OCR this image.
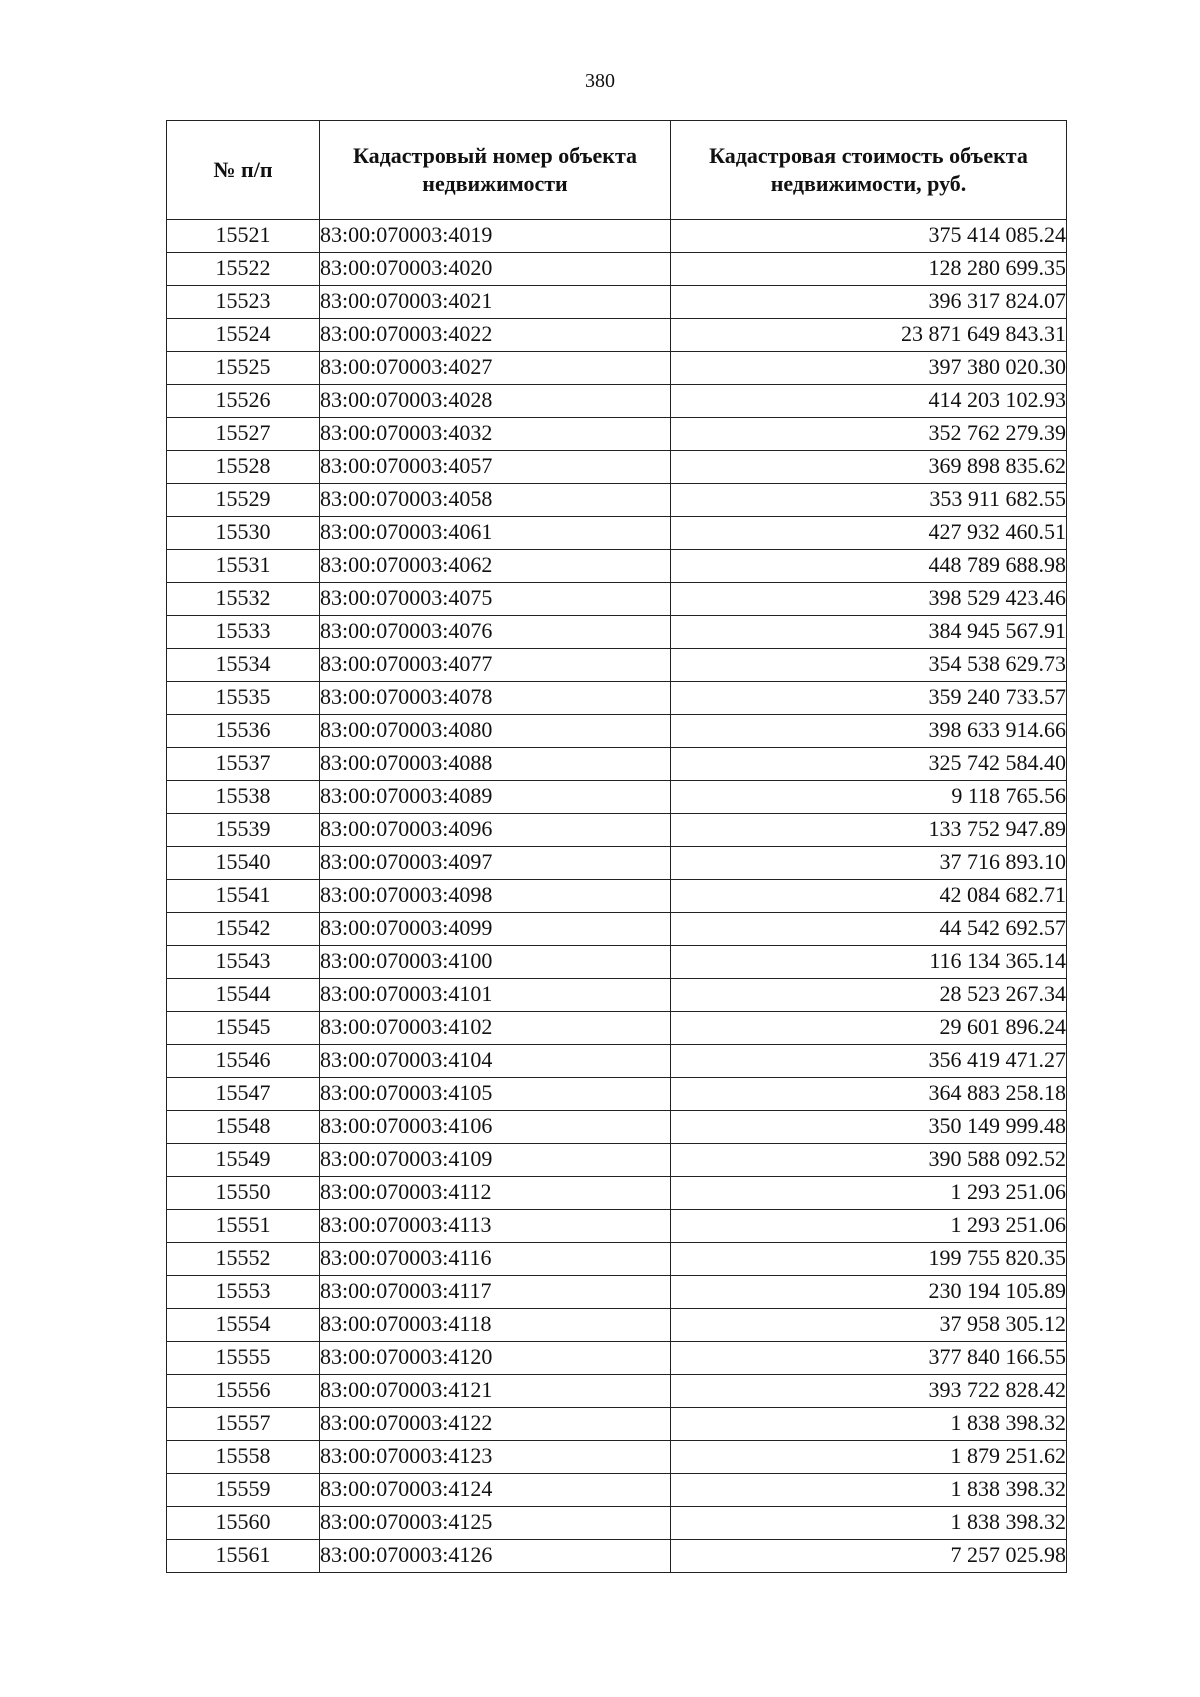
380
№ п/п	Кадастровый номер объекта недвижимости	Кадастровая стоимость объекта недвижимости, руб.
15521	83:00:070003:4019	375 414 085.24
15522	83:00:070003:4020	128 280 699.35
15523	83:00:070003:4021	396 317 824.07
15524	83:00:070003:4022	23 871 649 843.31
15525	83:00:070003:4027	397 380 020.30
15526	83:00:070003:4028	414 203 102.93
15527	83:00:070003:4032	352 762 279.39
15528	83:00:070003:4057	369 898 835.62
15529	83:00:070003:4058	353 911 682.55
15530	83:00:070003:4061	427 932 460.51
15531	83:00:070003:4062	448 789 688.98
15532	83:00:070003:4075	398 529 423.46
15533	83:00:070003:4076	384 945 567.91
15534	83:00:070003:4077	354 538 629.73
15535	83:00:070003:4078	359 240 733.57
15536	83:00:070003:4080	398 633 914.66
15537	83:00:070003:4088	325 742 584.40
15538	83:00:070003:4089	9 118 765.56
15539	83:00:070003:4096	133 752 947.89
15540	83:00:070003:4097	37 716 893.10
15541	83:00:070003:4098	42 084 682.71
15542	83:00:070003:4099	44 542 692.57
15543	83:00:070003:4100	116 134 365.14
15544	83:00:070003:4101	28 523 267.34
15545	83:00:070003:4102	29 601 896.24
15546	83:00:070003:4104	356 419 471.27
15547	83:00:070003:4105	364 883 258.18
15548	83:00:070003:4106	350 149 999.48
15549	83:00:070003:4109	390 588 092.52
15550	83:00:070003:4112	1 293 251.06
15551	83:00:070003:4113	1 293 251.06
15552	83:00:070003:4116	199 755 820.35
15553	83:00:070003:4117	230 194 105.89
15554	83:00:070003:4118	37 958 305.12
15555	83:00:070003:4120	377 840 166.55
15556	83:00:070003:4121	393 722 828.42
15557	83:00:070003:4122	1 838 398.32
15558	83:00:070003:4123	1 879 251.62
15559	83:00:070003:4124	1 838 398.32
15560	83:00:070003:4125	1 838 398.32
15561	83:00:070003:4126	7 257 025.98
